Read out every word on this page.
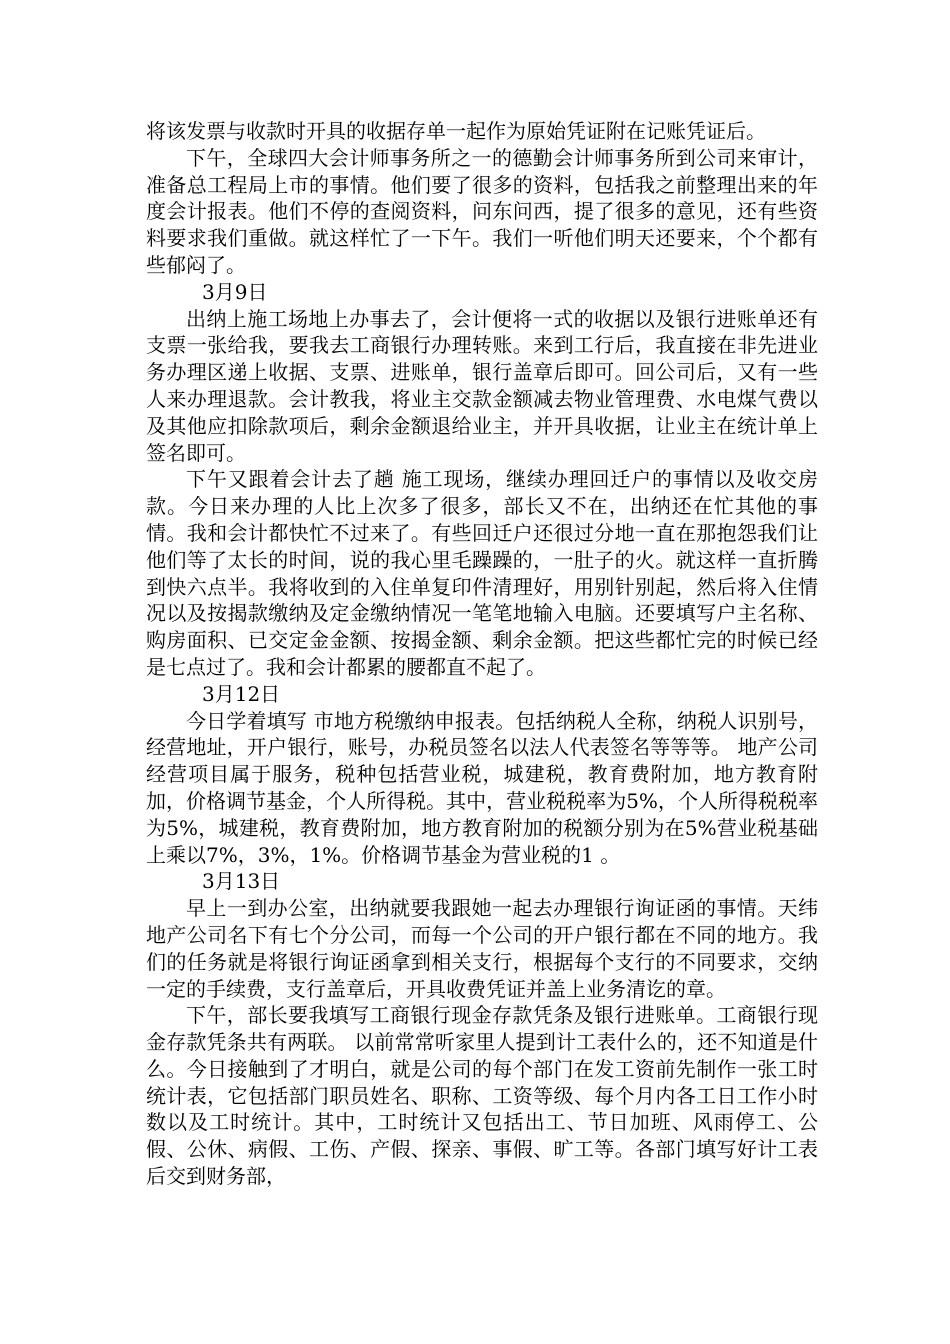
将该发票与收款时开具的收据存单一起作为原始凭证附在记账凭证后。

下午，全球四大会计师事务所之一的德勤会计师事务所到公司来审计，准备总工程局上市的事情。他们要了很多的资料，包括我之前整理出来的年度会计报表。他们不停的查阅资料，问东问西，提了很多的意见，还有些资料要求我们重做。就这样忙了一下午。我们一听他们明天还要来，个个都有些郁闷了。

3月9日

出纳上施工场地上办事去了，会计便将一式的收据以及银行进账单还有支票一张给我，要我去工商银行办理转账。来到工行后，我直接在非先进业务办理区递上收据、支票、进账单，银行盖章后即可。回公司后，又有一些人来办理退款。会计教我，将业主交款金额减去物业管理费、水电煤气费以及其他应扣除款项后，剩余金额退给业主，并开具收据，让业主在统计单上签名即可。

下午又跟着会计去了趟 施工现场，继续办理回迁户的事情以及收交房款。今日来办理的人比上次多了很多，部长又不在，出纳还在忙其他的事情。我和会计都快忙不过来了。有些回迁户还很过分地一直在那抱怨我们让他们等了太长的时间，说的我心里毛躁躁的，一肚子的火。就这样一直折腾到快六点半。我将收到的入住单复印件清理好，用别针别起，然后将入住情况以及按揭款缴纳及定金缴纳情况一笔笔地输入电脑。还要填写户主名称、购房面积、已交定金金额、按揭金额、剩余金额。把这些都忙完的时候已经是七点过了。我和会计都累的腰都直不起了。

3月12日

今日学着填写 市地方税缴纳申报表。包括纳税人全称，纳税人识别号，经营地址，开户银行，账号，办税员签名以法人代表签名等等等。 地产公司经营项目属于服务，税种包括营业税，城建税，教育费附加，地方教育附加，价格调节基金，个人所得税。其中，营业税税率为5%，个人所得税税率为5%，城建税，教育费附加，地方教育附加的税额分别为在5%营业税基础上乘以7%，3%，1%。价格调节基金为营业税的1 。

3月13日

早上一到办公室，出纳就要我跟她一起去办理银行询证函的事情。天纬地产公司名下有七个分公司，而每一个公司的开户银行都在不同的地方。我们的任务就是将银行询证函拿到相关支行，根据每个支行的不同要求，交纳一定的手续费，支行盖章后，开具收费凭证并盖上业务清讫的章。

下午，部长要我填写工商银行现金存款凭条及银行进账单。工商银行现金存款凭条共有两联。 以前常常听家里人提到计工表什么的，还不知道是什么。今日接触到了才明白，就是公司的每个部门在发工资前先制作一张工时统计表，它包括部门职员姓名、职称、工资等级、每个月内各工日工作小时数以及工时统计。其中，工时统计又包括出工、节日加班、风雨停工、公假、公休、病假、工伤、产假、探亲、事假、旷工等。各部门填写好计工表后交到财务部，
